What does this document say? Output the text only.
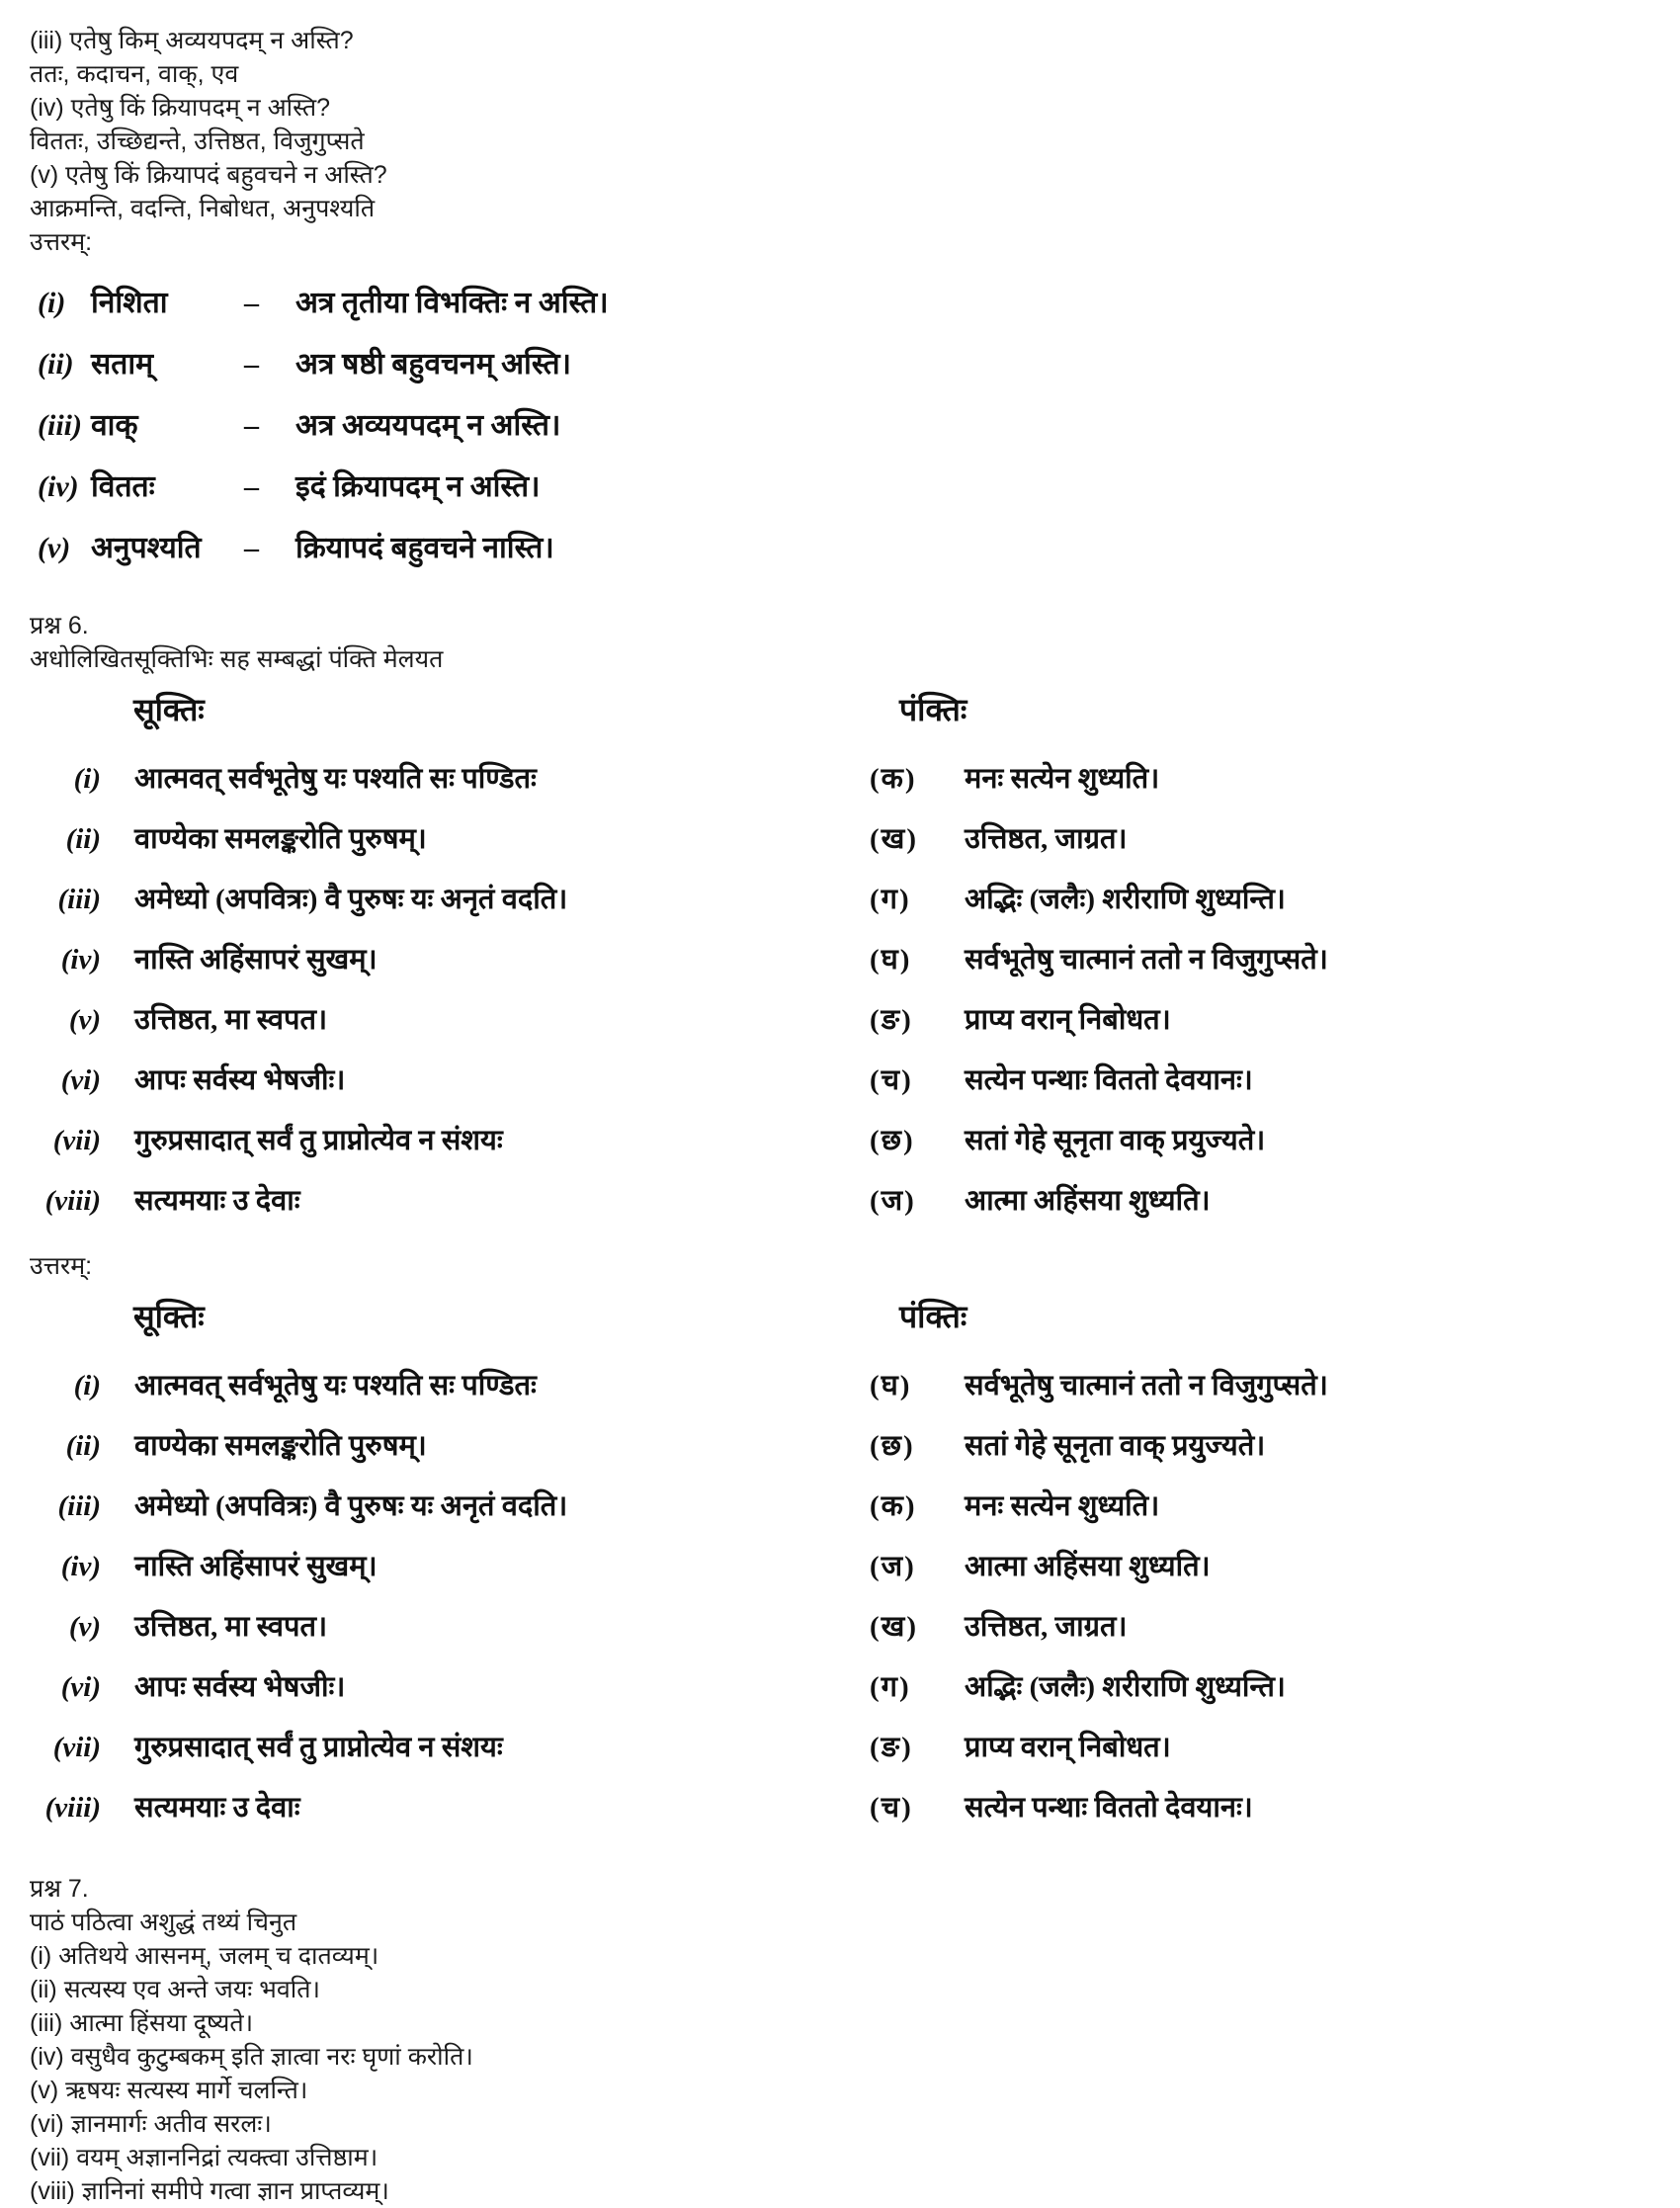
(iii) एतेषु किम् अव्ययपदम् न अस्ति?
ततः, कदाचन, वाक्, एव
(iv) एतेषु किं क्रियापदम् न अस्ति?
विततः, उच्छिद्यन्ते, उत्तिष्ठत, विजुगुप्सते
(v) एतेषु किं क्रियापदं बहुवचने न अस्ति?
आक्रमन्ति, वदन्ति, निबोधत, अनुपश्यति
उत्तरम्:
(i) निशिता	–	अत्र तृतीया विभक्तिः न अस्ति।
(ii) सताम्	–	अत्र षष्ठी बहुवचनम् अस्ति।
(iii) वाक्	–	अत्र अव्ययपदम् न अस्ति।
(iv) विततः	–	इदं क्रियापदम् न अस्ति।
(v) अनुपश्यति	–	क्रियापदं बहुवचने नास्ति।
प्रश्न 6.
अधोलिखितसूक्तिभिः सह सम्बद्धां पंक्ति मेलयत
सूक्तिः	पंक्तिः
(i)	आत्मवत् सर्वभूतेषु यः पश्यति सः पण्डितः	(क)	मनः सत्येन शुध्यति।
(ii)	वाण्येका समलङ्करोति पुरुषम्।	(ख)	उत्तिष्ठत, जाग्रत।
(iii)	अमेध्यो (अपवित्रः) वै पुरुषः यः अनृतं वदति।	(ग)	अद्भिः (जलैः) शरीराणि शुध्यन्ति।
(iv)	नास्ति अहिंसापरं सुखम्।	(घ)	सर्वभूतेषु चात्मानं ततो न विजुगुप्सते।
(v)	उत्तिष्ठत, मा स्वपत।	(ङ)	प्राप्य वरान् निबोधत।
(vi)	आपः सर्वस्य भेषजीः।	(च)	सत्येन पन्थाः विततो देवयानः।
(vii)	गुरुप्रसादात् सर्वं तु प्राप्नोत्येव न संशयः	(छ)	सतां गेहे सूनृता वाक् प्रयुज्यते।
(viii)	सत्यमयाः उ देवाः	(ज)	आत्मा अहिंसया शुध्यति।
उत्तरम्:
सूक्तिः	पंक्तिः
(i)	आत्मवत् सर्वभूतेषु यः पश्यति सः पण्डितः	(घ)	सर्वभूतेषु चात्मानं ततो न विजुगुप्सते।
(ii)	वाण्येका समलङ्करोति पुरुषम्।	(छ)	सतां गेहे सूनृता वाक् प्रयुज्यते।
(iii)	अमेध्यो (अपवित्रः) वै पुरुषः यः अनृतं वदति।	(क)	मनः सत्येन शुध्यति।
(iv)	नास्ति अहिंसापरं सुखम्।	(ज)	आत्मा अहिंसया शुध्यति।
(v)	उत्तिष्ठत, मा स्वपत।	(ख)	उत्तिष्ठत, जाग्रत।
(vi)	आपः सर्वस्य भेषजीः।	(ग)	अद्भिः (जलैः) शरीराणि शुध्यन्ति।
(vii)	गुरुप्रसादात् सर्वं तु प्राप्नोत्येव न संशयः	(ङ)	प्राप्य वरान् निबोधत।
(viii)	सत्यमयाः उ देवाः	(च)	सत्येन पन्थाः विततो देवयानः।
प्रश्न 7.
पाठं पठित्वा अशुद्धं तथ्यं चिनुत
(i) अतिथये आसनम्, जलम् च दातव्यम्।
(ii) सत्यस्य एव अन्ते जयः भवति।
(iii) आत्मा हिंसया दूष्यते।
(iv) वसुधैव कुटुम्बकम् इति ज्ञात्वा नरः घृणां करोति।
(v) ऋषयः सत्यस्य मार्गे चलन्ति।
(vi) ज्ञानमार्गः अतीव सरलः।
(vii) वयम् अज्ञाननिद्रां त्यक्त्वा उत्तिष्ठाम।
(viii) ज्ञानिनां समीपे गत्वा ज्ञान प्राप्तव्यम्।
